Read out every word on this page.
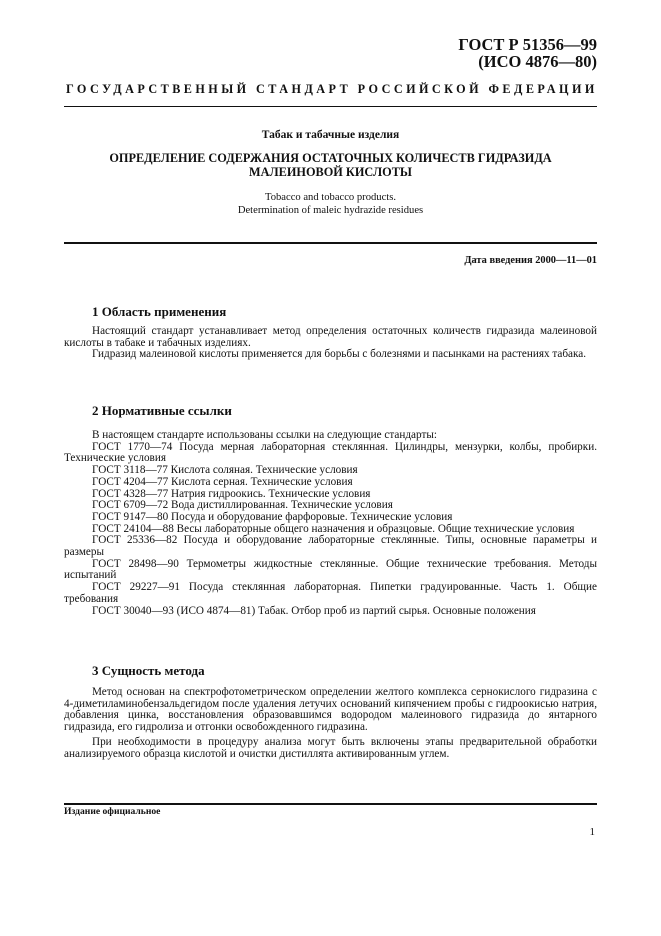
ГОСТ Р 51356—99
(ИСО 4876—80)
ГОСУДАРСТВЕННЫЙ СТАНДАРТ РОССИЙСКОЙ ФЕДЕРАЦИИ
Табак и табачные изделия
ОПРЕДЕЛЕНИЕ СОДЕРЖАНИЯ ОСТАТОЧНЫХ КОЛИЧЕСТВ ГИДРАЗИДА МАЛЕИНОВОЙ КИСЛОТЫ
Tobacco and tobacco products.
Determination of maleic hydrazide residues
Дата введения 2000—11—01
1 Область применения

Настоящий стандарт устанавливает метод определения остаточных количеств гидразида малеиновой кислоты в табаке и табачных изделиях.

Гидразид малеиновой кислоты применяется для борьбы с болезнями и пасынками на растениях табака.

2 Нормативные ссылки

В настоящем стандарте использованы ссылки на следующие стандарты:

ГОСТ 1770—74 Посуда мерная лабораторная стеклянная. Цилиндры, мензурки, колбы, пробирки. Технические условия

ГОСТ 3118—77 Кислота соляная. Технические условия

ГОСТ 4204—77 Кислота серная. Технические условия

ГОСТ 4328—77 Натрия гидроокись. Технические условия

ГОСТ 6709—72 Вода дистиллированная. Технические условия

ГОСТ 9147—80 Посуда и оборудование фарфоровые. Технические условия

ГОСТ 24104—88 Весы лабораторные общего назначения и образцовые. Общие технические условия

ГОСТ 25336—82 Посуда и оборудование лабораторные стеклянные. Типы, основные параметры и размеры

ГОСТ 28498—90 Термометры жидкостные стеклянные. Общие технические требования. Методы испытаний

ГОСТ 29227—91 Посуда стеклянная лабораторная. Пипетки градуированные. Часть 1. Общие требования

ГОСТ 30040—93 (ИСО 4874—81) Табак. Отбор проб из партий сырья. Основные положения

3 Сущность метода

Метод основан на спектрофотометрическом определении желтого комплекса сернокислого гидразина с 4-диметиламинобензальдегидом после удаления летучих оснований кипячением пробы с гидроокисью натрия, добавления цинка, восстановления образовавшимся водородом малеинового гидразида до янтарного гидразида, его гидролиза и отгонки освобожденного гидразина.

При необходимости в процедуру анализа могут быть включены этапы предварительной обработки анализируемого образца кислотой и очистки дистиллята активированным углем.

Издание официальное
1
